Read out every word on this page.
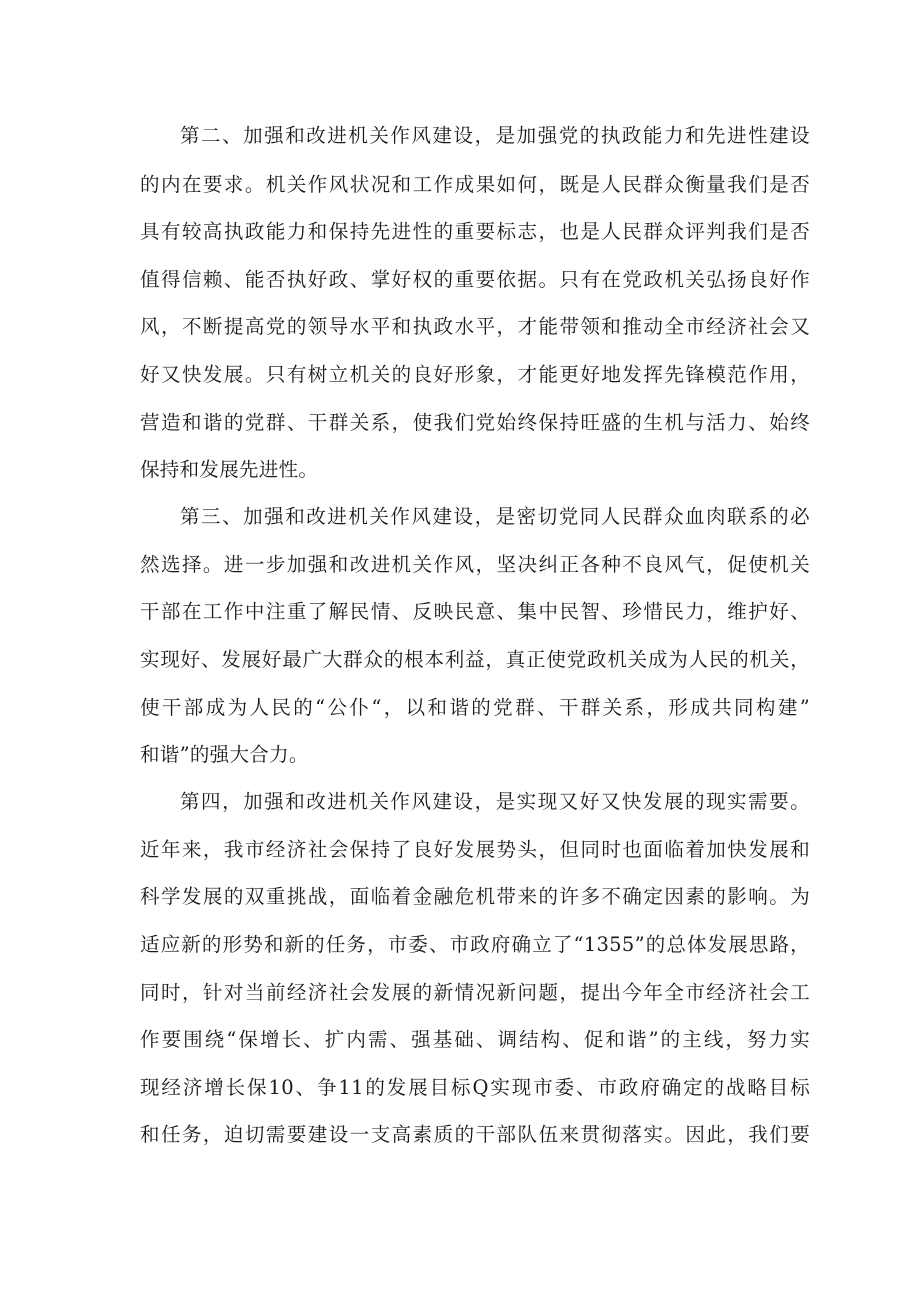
第二、加强和改进机关作风建设，是加强党的执政能力和先进性建设

的内在要求。机关作风状况和工作成果如何，既是人民群众衡量我们是否

具有较高执政能力和保持先进性的重要标志，也是人民群众评判我们是否

值得信赖、能否执好政、掌好权的重要依据。只有在党政机关弘扬良好作

风，不断提高党的领导水平和执政水平，才能带领和推动全市经济社会又

好又快发展。只有树立机关的良好形象，才能更好地发挥先锋模范作用，

营造和谐的党群、干群关系，使我们党始终保持旺盛的生机与活力、始终

保持和发展先进性。

第三、加强和改进机关作风建设，是密切党同人民群众血肉联系的必

然选择。进一步加强和改进机关作风，坚决纠正各种不良风气，促使机关

干部在工作中注重了解民情、反映民意、集中民智、珍惜民力，维护好、

实现好、发展好最广大群众的根本利益，真正使党政机关成为人民的机关，

使干部成为人民的“公仆“，以和谐的党群、干群关系，形成共同构建”

和谐”的强大合力。

第四，加强和改进机关作风建设，是实现又好又快发展的现实需要。

近年来，我市经济社会保持了良好发展势头，但同时也面临着加快发展和

科学发展的双重挑战，面临着金融危机带来的许多不确定因素的影响。为

适应新的形势和新的任务，市委、市政府确立了“1355”的总体发展思路，

同时，针对当前经济社会发展的新情况新问题，提出今年全市经济社会工

作要围绕“保增长、扩内需、强基础、调结构、促和谐”的主线，努力实

现经济增长保10、争11的发展目标Q实现市委、市政府确定的战略目标

和任务，迫切需要建设一支高素质的干部队伍来贯彻落实。因此，我们要
